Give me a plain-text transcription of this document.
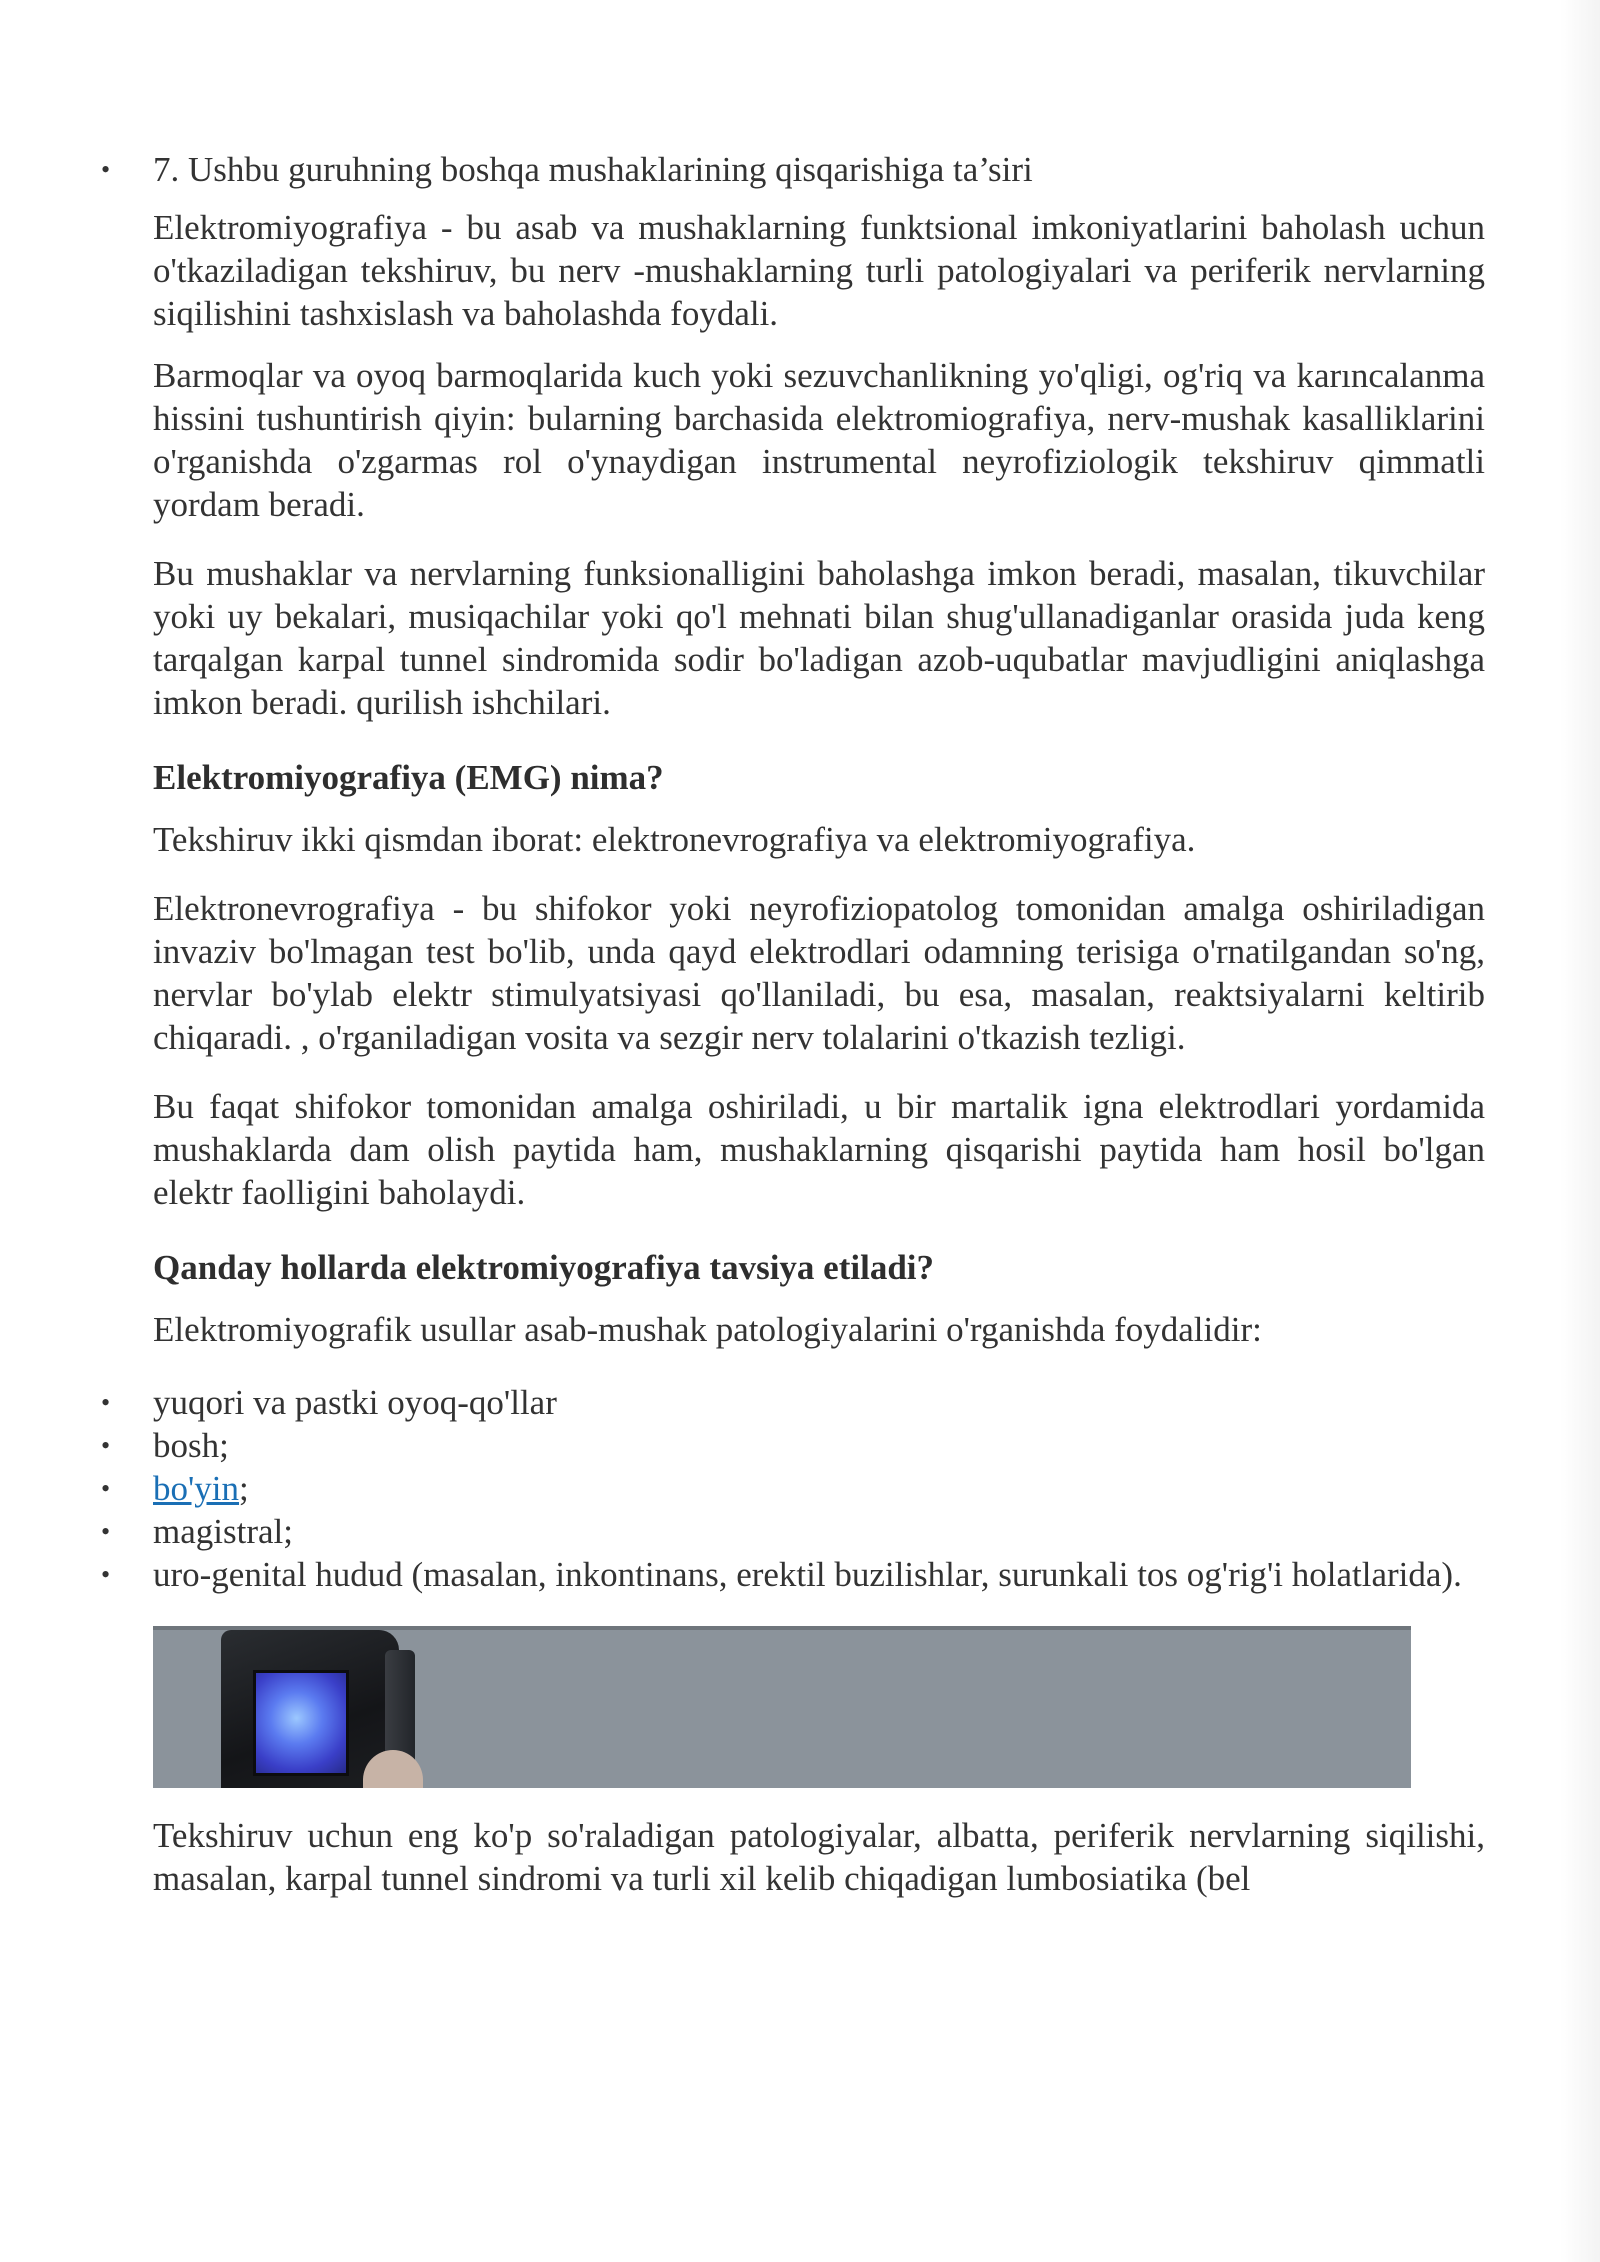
• 7. Ushbu guruhning boshqa mushaklarining qisqarishiga ta’siri

Elektromiyografiya - bu asab va mushaklarning funktsional imkoniyatlarini baholash uchun o'tkaziladigan tekshiruv, bu nerv -mushaklarning turli patologiyalari va periferik nervlarning siqilishini tashxislash va baholashda foydali.

Barmoqlar va oyoq barmoqlarida kuch yoki sezuvchanlikning yo'qligi, og'riq va karıncalanma hissini tushuntirish qiyin: bularning barchasida elektromiografiya, nerv-mushak kasalliklarini o'rganishda o'zgarmas rol o'ynaydigan instrumental neyrofiziologik tekshiruv qimmatli yordam beradi.

Bu mushaklar va nervlarning funksionalligini baholashga imkon beradi, masalan, tikuvchilar yoki uy bekalari, musiqachilar yoki qo'l mehnati bilan shug'ullanadiganlar orasida juda keng tarqalgan karpal tunnel sindromida sodir bo'ladigan azob-uqubatlar mavjudligini aniqlashga imkon beradi. qurilish ishchilari.

Elektromiyografiya (EMG) nima?

Tekshiruv ikki qismdan iborat: elektronevrografiya va elektromiyografiya.

Elektronevrografiya - bu shifokor yoki neyrofiziopatolog tomonidan amalga oshiriladigan invaziv bo'lmagan test bo'lib, unda qayd elektrodlari odamning terisiga o'rnatilgandan so'ng, nervlar bo'ylab elektr stimulyatsiyasi qo'llaniladi, bu esa, masalan, reaktsiyalarni keltirib chiqaradi. , o'rganiladigan vosita va sezgir nerv tolalarini o'tkazish tezligi.

Bu faqat shifokor tomonidan amalga oshiriladi, u bir martalik igna elektrodlari yordamida mushaklarda dam olish paytida ham, mushaklarning qisqarishi paytida ham hosil bo'lgan elektr faolligini baholaydi.

Qanday hollarda elektromiyografiya tavsiya etiladi?

Elektromiyografik usullar asab-mushak patologiyalarini o'rganishda foydalidir:

• yuqori va pastki oyoq-qo'llar
• bosh;
• bo'yin;
• magistral;
• uro-genital hudud (masalan, inkontinans, erektil buzilishlar, surunkali tos og'rig'i holatlarida).

Tekshiruv uchun eng ko'p so'raladigan patologiyalar, albatta, periferik nervlarning siqilishi, masalan, karpal tunnel sindromi va turli xil kelib chiqadigan lumbosiatika (bel
